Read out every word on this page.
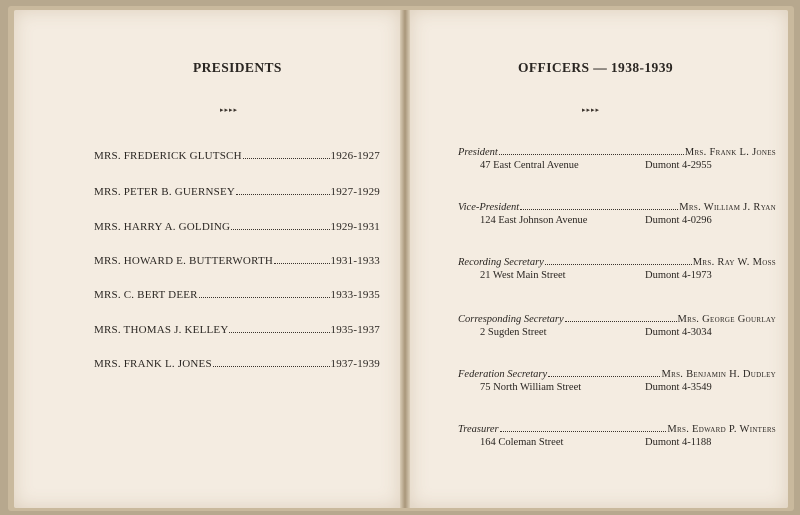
PRESIDENTS
▸▸▸▸
MRS. FREDERICK GLUTSCH	1926-1927
MRS. PETER B. GUERNSEY	1927-1929
MRS. HARRY A. GOLDING	1929-1931
MRS. HOWARD E. BUTTERWORTH	1931-1933
MRS. C. BERT DEER	1933-1935
MRS. THOMAS J. KELLEY	1935-1937
MRS. FRANK L. JONES	1937-1939
OFFICERS — 1938-1939
▸▸▸▸
President	Mrs. Frank L. Jones
47 East Central Avenue	Dumont 4-2955
Vice-President	Mrs. William J. Ryan
124 East Johnson Avenue	Dumont 4-0296
Recording Secretary	Mrs. Ray W. Moss
21 West Main Street	Dumont 4-1973
Corresponding Secretary	Mrs. George Gourlay
2 Sugden Street	Dumont 4-3034
Federation Secretary	Mrs. Benjamin H. Dudley
75 North William Street	Dumont 4-3549
Treasurer	Mrs. Edward P. Winters
164 Coleman Street	Dumont 4-1188
